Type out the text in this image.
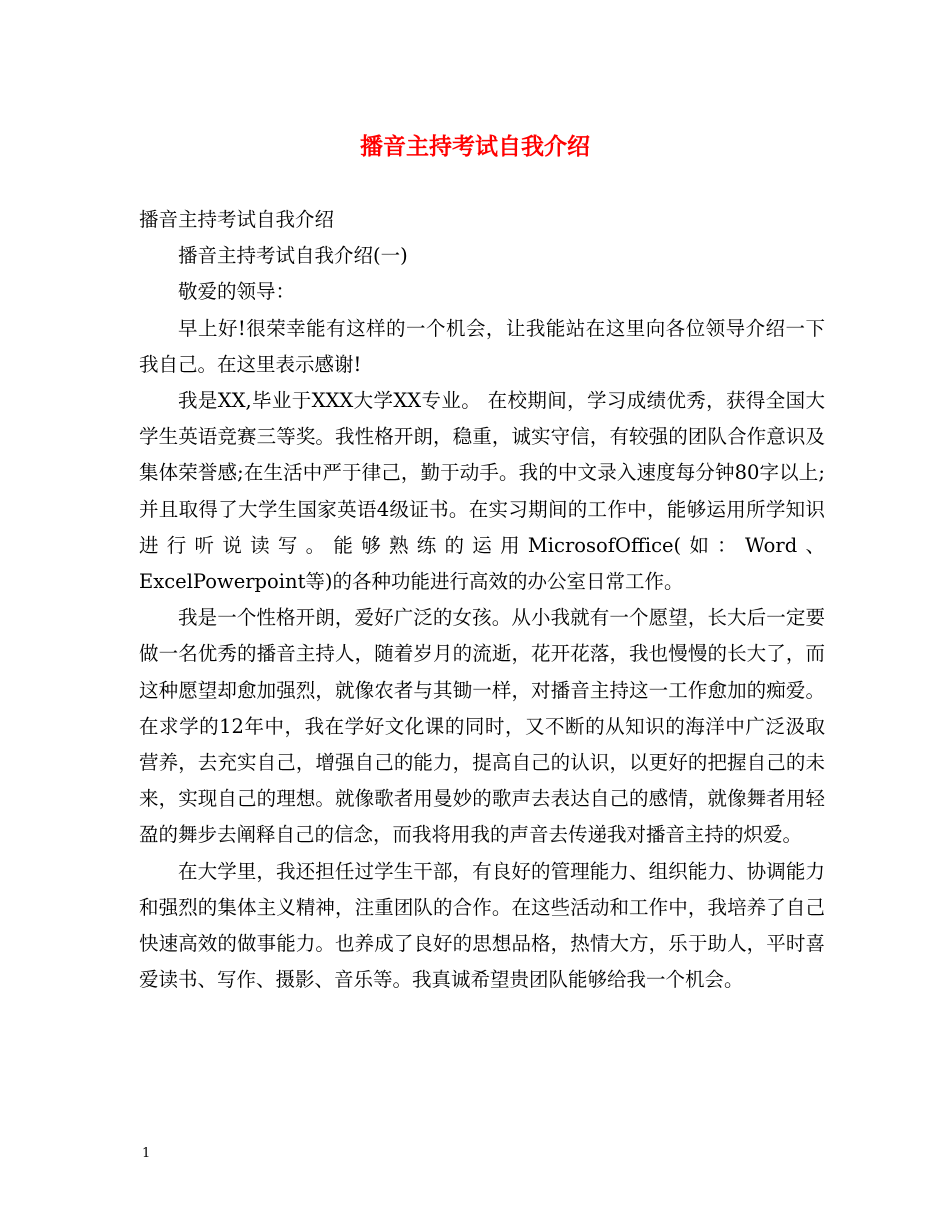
播音主持考试自我介绍

播音主持考试自我介绍

播音主持考试自我介绍(一)

敬爱的领导：

早上好!很荣幸能有这样的一个机会，让我能站在这里向各位领导介绍一下我自己。在这里表示感谢!

我是XX,毕业于XXX大学XX专业。 在校期间，学习成绩优秀，获得全国大学生英语竞赛三等奖。我性格开朗，稳重，诚实守信，有较强的团队合作意识及集体荣誉感;在生活中严于律己，勤于动手。我的中文录入速度每分钟80字以上;并且取得了大学生国家英语4级证书。在实习期间的工作中，能够运用所学知识进行听说读写。能够熟练的运用MicrosofOffice(如：Word、ExcelPowerpoint等)的各种功能进行高效的办公室日常工作。

我是一个性格开朗，爱好广泛的女孩。从小我就有一个愿望，长大后一定要做一名优秀的播音主持人，随着岁月的流逝，花开花落，我也慢慢的长大了，而这种愿望却愈加强烈，就像农者与其锄一样，对播音主持这一工作愈加的痴爱。在求学的12年中，我在学好文化课的同时，又不断的从知识的海洋中广泛汲取营养，去充实自己，增强自己的能力，提高自己的认识，以更好的把握自己的未来，实现自己的理想。就像歌者用曼妙的歌声去表达自己的感情，就像舞者用轻盈的舞步去阐释自己的信念，而我将用我的声音去传递我对播音主持的炽爱。

在大学里，我还担任过学生干部，有良好的管理能力、组织能力、协调能力和强烈的集体主义精神，注重团队的合作。在这些活动和工作中，我培养了自己快速高效的做事能力。也养成了良好的思想品格，热情大方，乐于助人，平时喜爱读书、写作、摄影、音乐等。我真诚希望贵团队能够给我一个机会。

1
